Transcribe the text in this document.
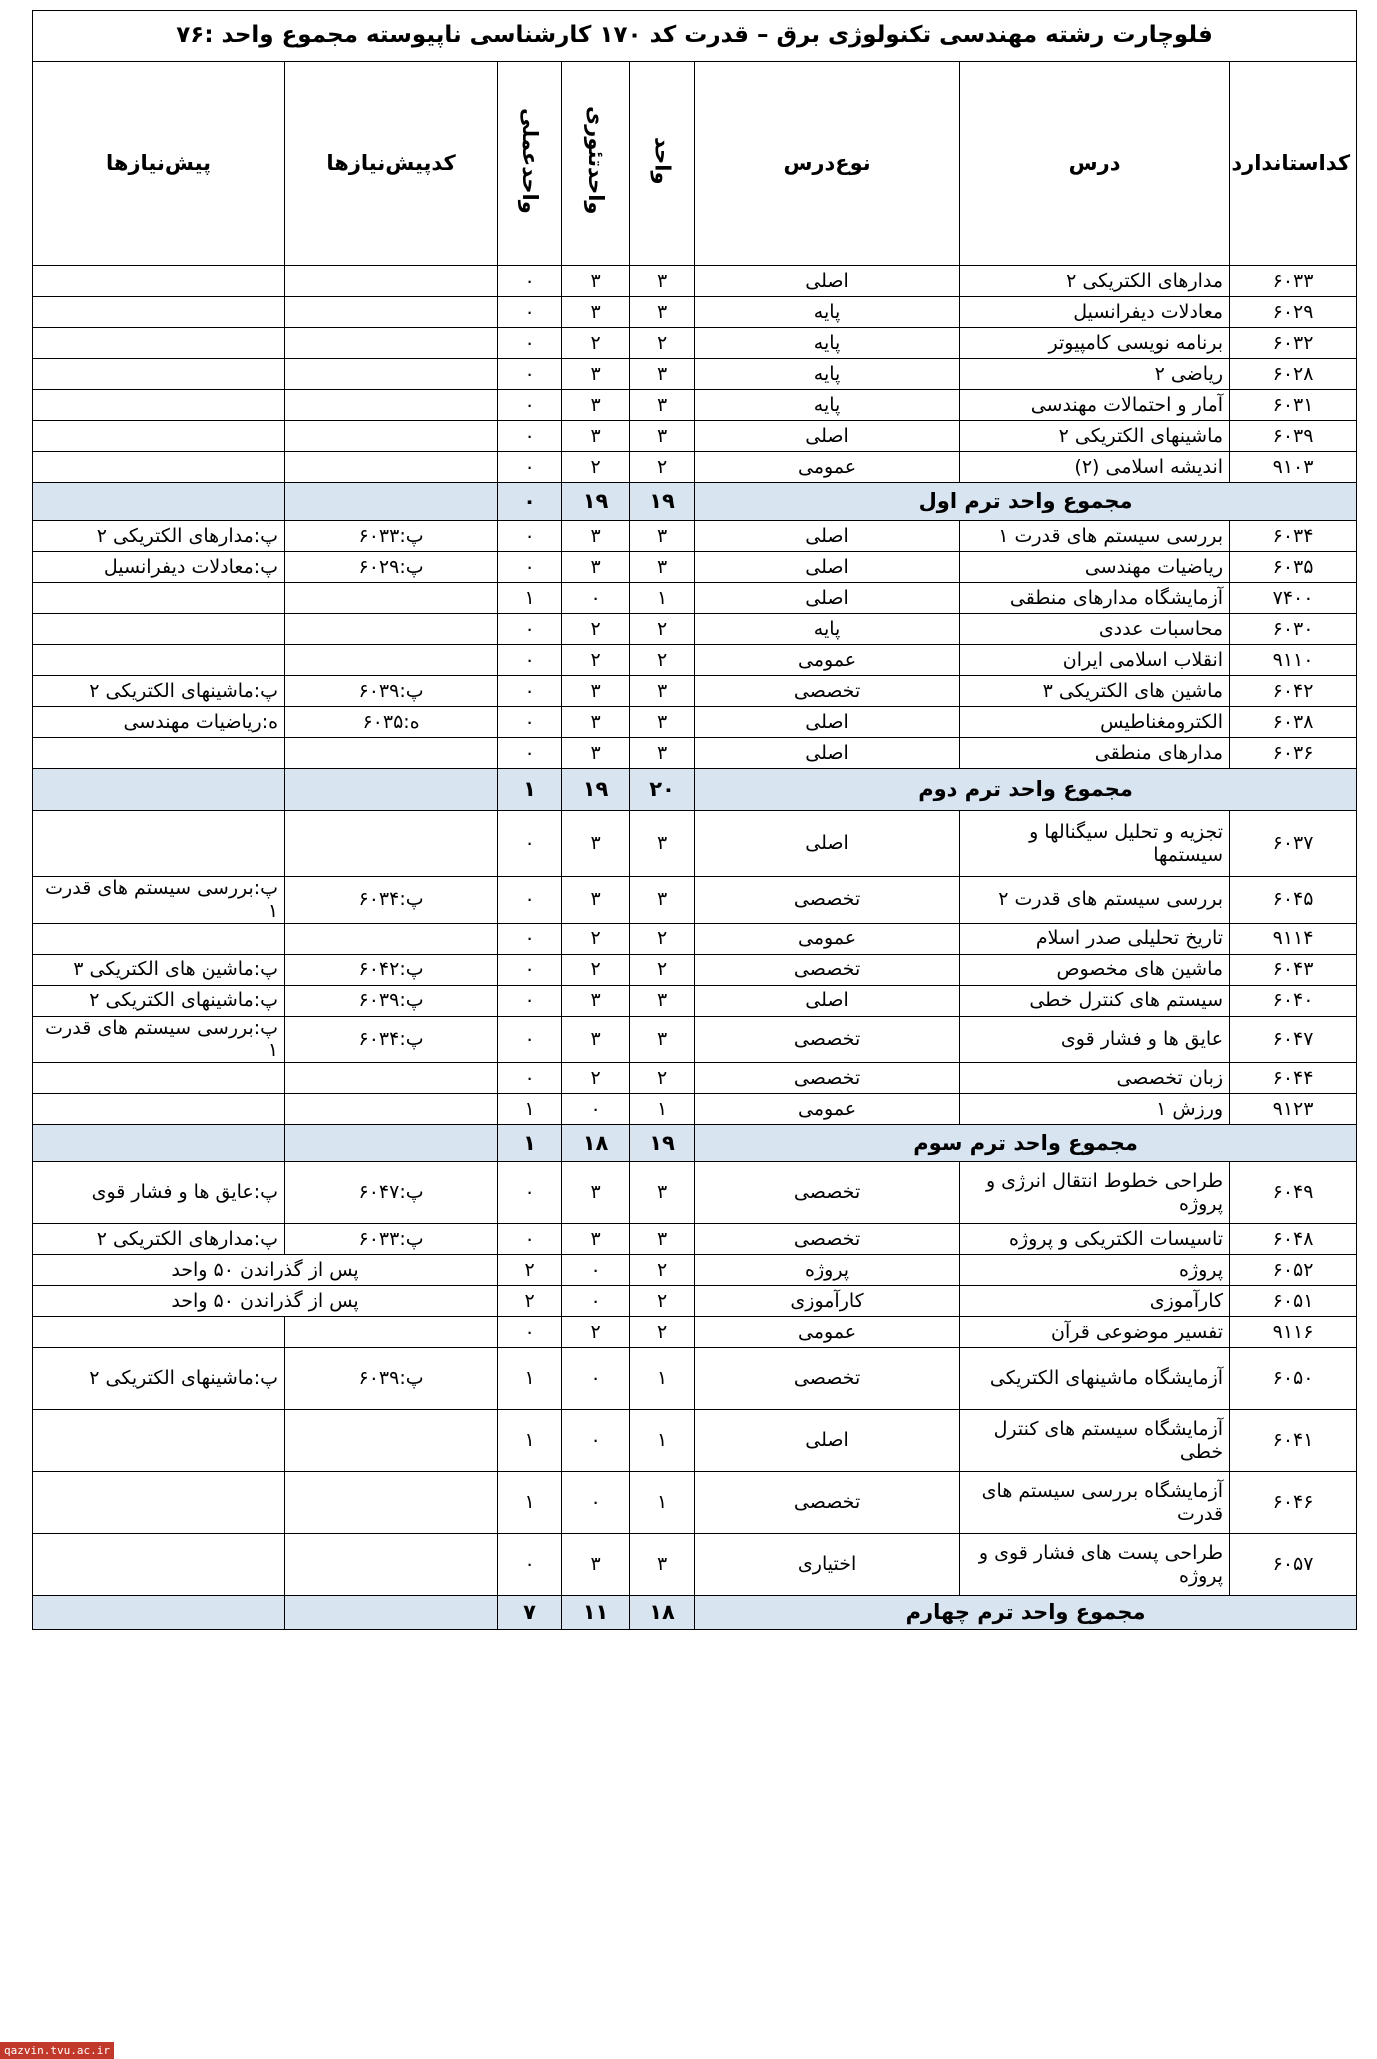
فلوچارت رشته مهندسی تکنولوژی برق – قدرت کد ۱۷۰ کارشناسی ناپیوسته مجموع واحد :۷۶							
کداستاندارد	درس	نوع‌درس	واحد	واحدتئوری	واحدعملی	کدپیش‌نیازها	پیش‌نیازها
۶۰۳۳	مدارهای الکتریکی ۲	اصلی	۳	۳	۰		
۶۰۲۹	معادلات دیفرانسیل	پایه	۳	۳	۰		
۶۰۳۲	برنامه نویسی کامپیوتر	پایه	۲	۲	۰		
۶۰۲۸	ریاضی ۲	پایه	۳	۳	۰		
۶۰۳۱	آمار و احتمالات مهندسی	پایه	۳	۳	۰		
۶۰۳۹	ماشینهای الکتریکی ۲	اصلی	۳	۳	۰		
۹۱۰۳	اندیشه اسلامی (۲)	عمومی	۲	۲	۰		
مجموع واحد ترم اول			۱۹	۱۹	۰		
۶۰۳۴	بررسی سیستم های قدرت ۱	اصلی	۳	۳	۰	پ:۶۰۳۳	پ:مدارهای الکتریکی ۲
۶۰۳۵	ریاضیات مهندسی	اصلی	۳	۳	۰	پ:۶۰۲۹	پ:معادلات دیفرانسیل
۷۴۰۰	آزمایشگاه مدارهای منطقی	اصلی	۱	۰	۱		
۶۰۳۰	محاسبات عددی	پایه	۲	۲	۰		
۹۱۱۰	انقلاب اسلامی ایران	عمومی	۲	۲	۰		
۶۰۴۲	ماشین های الکتریکی ۳	تخصصی	۳	۳	۰	پ:۶۰۳۹	پ:ماشینهای الکتریکی ۲
۶۰۳۸	الکترومغناطیس	اصلی	۳	۳	۰	ه:۶۰۳۵	ه:ریاضیات مهندسی
۶۰۳۶	مدارهای منطقی	اصلی	۳	۳	۰		
مجموع واحد ترم دوم			۲۰	۱۹	۱		
۶۰۳۷	تجزیه و تحلیل سیگنالها و سیستمها	اصلی	۳	۳	۰		
۶۰۴۵	بررسی سیستم های قدرت ۲	تخصصی	۳	۳	۰	پ:۶۰۳۴	پ:بررسی سیستم های قدرت ۱
۹۱۱۴	تاریخ تحلیلی صدر اسلام	عمومی	۲	۲	۰		
۶۰۴۳	ماشین های مخصوص	تخصصی	۲	۲	۰	پ:۶۰۴۲	پ:ماشین های الکتریکی ۳
۶۰۴۰	سیستم های کنترل خطی	اصلی	۳	۳	۰	پ:۶۰۳۹	پ:ماشینهای الکتریکی ۲
۶۰۴۷	عایق ها و فشار قوی	تخصصی	۳	۳	۰	پ:۶۰۳۴	پ:بررسی سیستم های قدرت ۱
۶۰۴۴	زبان تخصصی	تخصصی	۲	۲	۰		
۹۱۲۳	ورزش ۱	عمومی	۱	۰	۱		
مجموع واحد ترم سوم			۱۹	۱۸	۱		
۶۰۴۹	طراحی خطوط انتقال انرژی و پروژه	تخصصی	۳	۳	۰	پ:۶۰۴۷	پ:عایق ها و فشار قوی
۶۰۴۸	تاسیسات الکتریکی و پروژه	تخصصی	۳	۳	۰	پ:۶۰۳۳	پ:مدارهای الکتریکی ۲
۶۰۵۲	پروژه	پروژه	۲	۰	۲	پس از گذراندن ۵۰ واحد	
۶۰۵۱	کارآموزی	کارآموزی	۲	۰	۲	پس از گذراندن ۵۰ واحد	
۹۱۱۶	تفسیر موضوعی قرآن	عمومی	۲	۲	۰		
۶۰۵۰	آزمایشگاه ماشینهای الکتریکی	تخصصی	۱	۰	۱	پ:۶۰۳۹	پ:ماشینهای الکتریکی ۲
۶۰۴۱	آزمایشگاه سیستم های کنترل خطی	اصلی	۱	۰	۱		
۶۰۴۶	آزمایشگاه بررسی سیستم های قدرت	تخصصی	۱	۰	۱		
۶۰۵۷	طراحی پست های فشار قوی و پروژه	اختیاری	۳	۳	۰		
مجموع واحد ترم چهارم			۱۸	۱۱	۷		
qazvin.tvu.ac.ir
